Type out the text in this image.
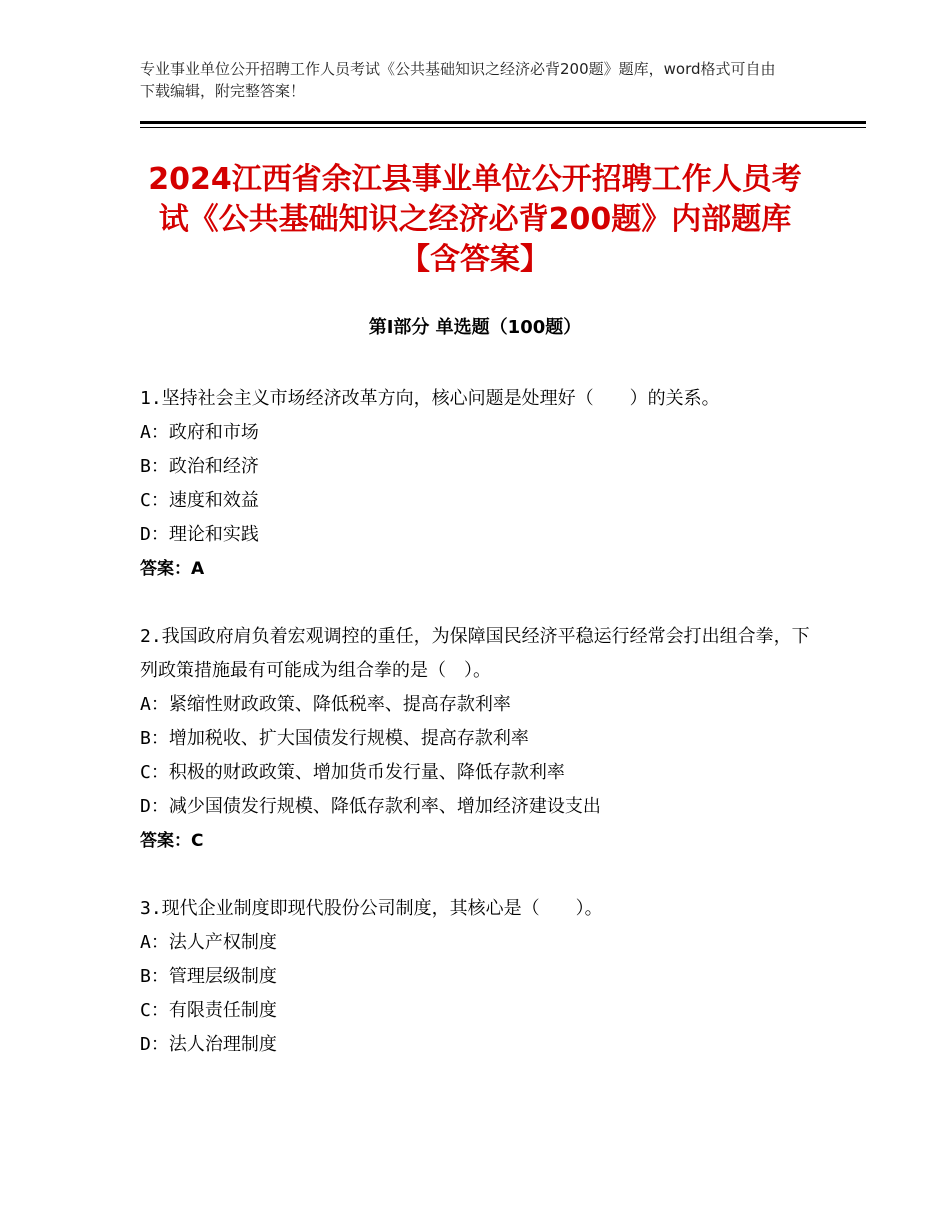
专业事业单位公开招聘工作人员考试《公共基础知识之经济必背200题》题库，word格式可自由下载编辑，附完整答案！
2024江西省余江县事业单位公开招聘工作人员考试《公共基础知识之经济必背200题》内部题库【含答案】
第Ⅰ部分 单选题（100题）

1.坚持社会主义市场经济改革方向，核心问题是处理好（　　）的关系。

A：政府和市场

B：政治和经济

C：速度和效益

D：理论和实践

答案：A

2.我国政府肩负着宏观调控的重任，为保障国民经济平稳运行经常会打出组合拳，下列政策措施最有可能成为组合拳的是（　）。

A：紧缩性财政政策、降低税率、提高存款利率

B：增加税收、扩大国债发行规模、提高存款利率

C：积极的财政政策、增加货币发行量、降低存款利率

D：减少国债发行规模、降低存款利率、增加经济建设支出

答案：C

3.现代企业制度即现代股份公司制度，其核心是（　　）。

A：法人产权制度

B：管理层级制度

C：有限责任制度

D：法人治理制度
